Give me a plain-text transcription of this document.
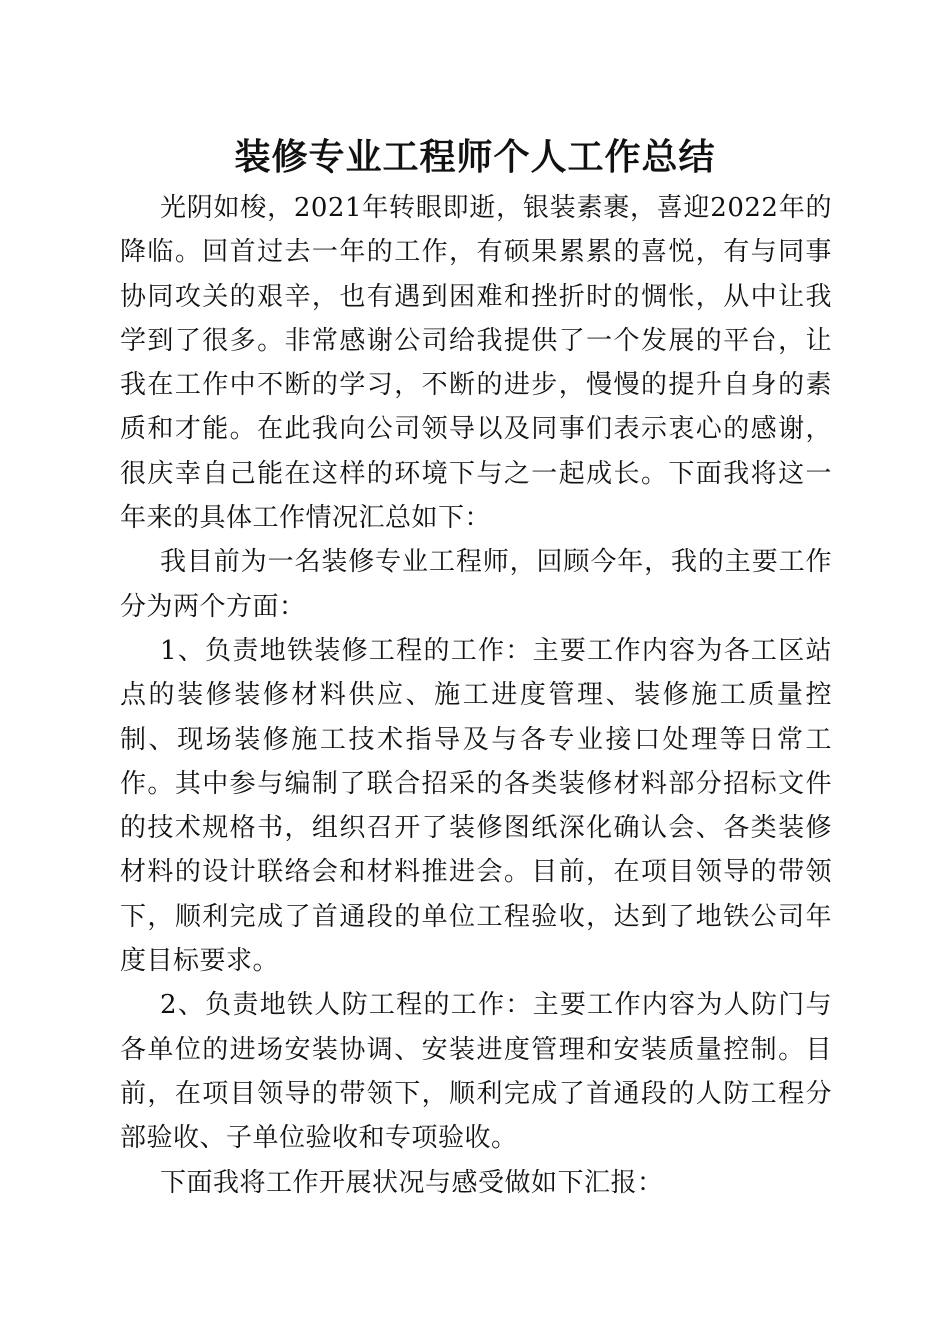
装修专业工程师个人工作总结

光阴如梭，2021年转眼即逝，银装素裹，喜迎2022年的降临。回首过去一年的工作，有硕果累累的喜悦，有与同事协同攻关的艰辛，也有遇到困难和挫折时的惆怅，从中让我学到了很多。非常感谢公司给我提供了一个发展的平台，让我在工作中不断的学习，不断的进步，慢慢的提升自身的素质和才能。在此我向公司领导以及同事们表示衷心的感谢，很庆幸自己能在这样的环境下与之一起成长。下面我将这一年来的具体工作情况汇总如下：

我目前为一名装修专业工程师，回顾今年，我的主要工作分为两个方面：

1、负责地铁装修工程的工作：主要工作内容为各工区站点的装修装修材料供应、施工进度管理、装修施工质量控制、现场装修施工技术指导及与各专业接口处理等日常工作。其中参与编制了联合招采的各类装修材料部分招标文件的技术规格书，组织召开了装修图纸深化确认会、各类装修材料的设计联络会和材料推进会。目前，在项目领导的带领下，顺利完成了首通段的单位工程验收，达到了地铁公司年度目标要求。

2、负责地铁人防工程的工作：主要工作内容为人防门与各单位的进场安装协调、安装进度管理和安装质量控制。目前，在项目领导的带领下，顺利完成了首通段的人防工程分部验收、子单位验收和专项验收。

下面我将工作开展状况与感受做如下汇报：
